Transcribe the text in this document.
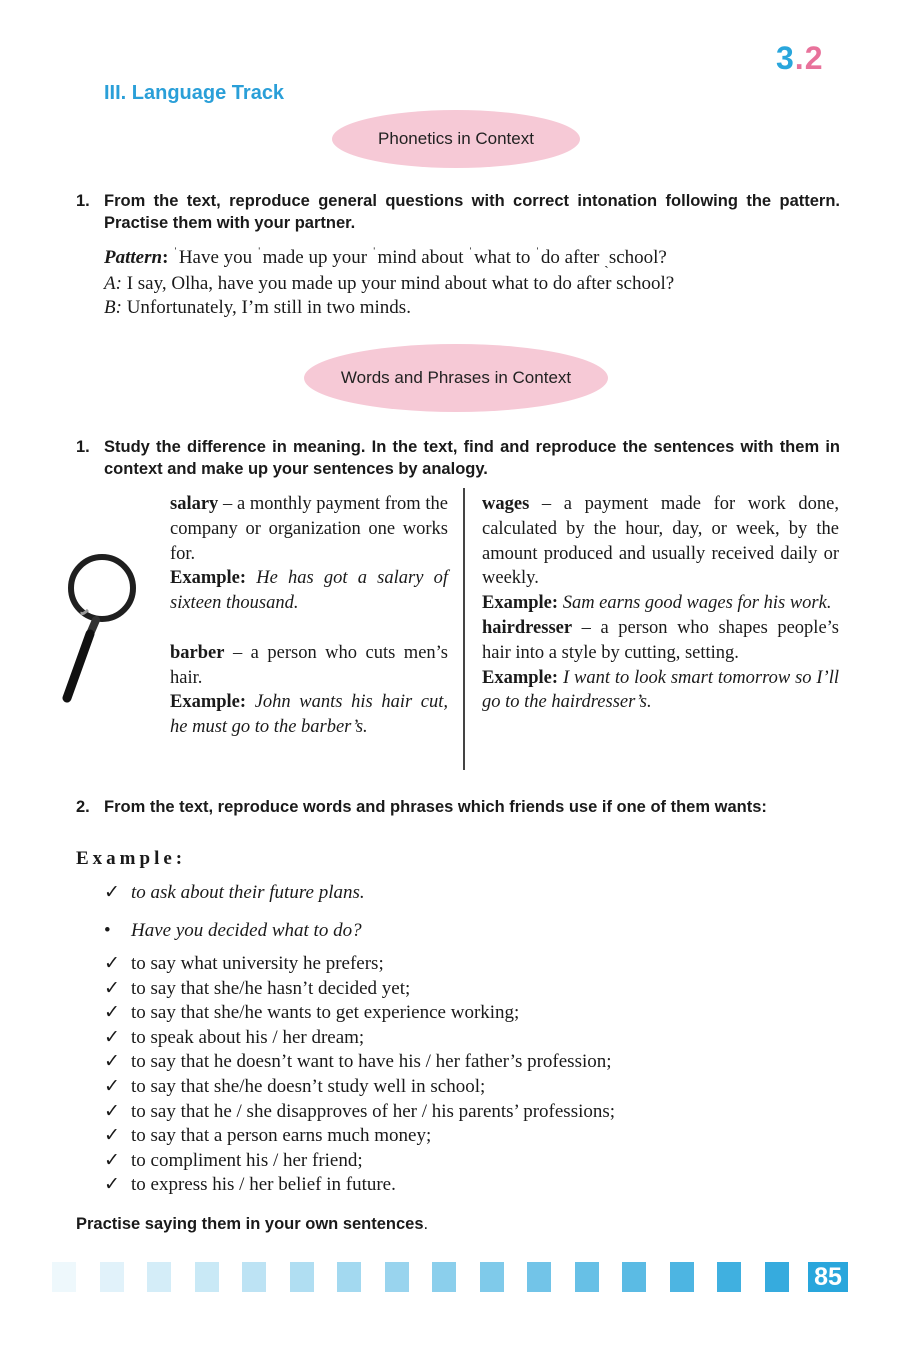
3.2
III. Language Track
Phonetics in Context
1. From the text, reproduce general questions with correct intonation following the pattern. Practise them with your partner.
Pattern: $^ˈ$Have you $^ˈ$made up your $^ˈ$mind about $^ˈ$what to $^ˈ$do after ˎschool?
A: I say, Olha, have you made up your mind about what to do after school?
B: Unfortunately, I’m still in two minds.
Words and Phrases in Context
1. Study the difference in meaning. In the text, find and reproduce the sentences with them in context and make up your sentences by analogy.

salary – a monthly payment from the company or organization one works for.

Example: He has got a salary of sixteen thousand.

barber – a person who cuts men’s hair.

Example: John wants his hair cut, he must go to the barber’s.

wages – a payment made for work done, calculated by the hour, day, or week, by the amount produced and usually received daily or weekly.

Example: Sam earns good wages for his work.

hairdresser – a person who shapes people’s hair into a style by cutting, setting.

Example: I want to look smart tomorrow so I’ll go to the hairdresser’s.

2. From the text, reproduce words and phrases which friends use if one of them wants:
Example:
✓ to ask about their future plans.
• Have you decided what to do?
✓ to say what university he prefers;
✓ to say that she/he hasn’t decided yet;
✓ to say that she/he wants to get experience working;
✓ to speak about his / her dream;
✓ to say that he doesn’t want to have his / her father’s profession;
✓ to say that she/he doesn’t study well in school;
✓ to say that he / she disapproves of her / his parents’ professions;
✓ to say that a person earns much money;
✓ to compliment his / her friend;
✓ to express his / her belief in future.

Practise saying them in your own sentences.

85
